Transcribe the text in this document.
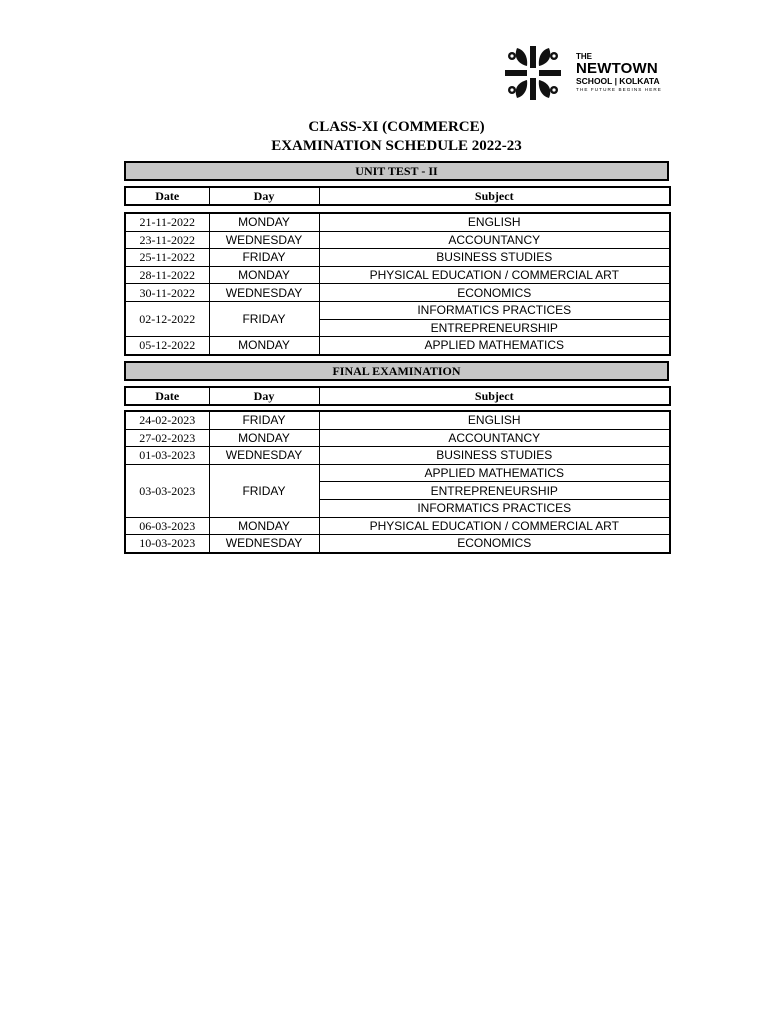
THE
NEWTOWN
SCHOOL | KOLKATA
THE FUTURE BEGINS HERE
CLASS-XI (COMMERCE)
EXAMINATION SCHEDULE 2022-23
UNIT TEST - II
Date	Day	Subject
21-11-2022	MONDAY	ENGLISH
23-11-2022	WEDNESDAY	ACCOUNTANCY
25-11-2022	FRIDAY	BUSINESS STUDIES
28-11-2022	MONDAY	PHYSICAL EDUCATION / COMMERCIAL ART
30-11-2022	WEDNESDAY	ECONOMICS
02-12-2022	FRIDAY	INFORMATICS PRACTICES
		ENTREPRENEURSHIP
05-12-2022	MONDAY	APPLIED MATHEMATICS
FINAL EXAMINATION
Date	Day	Subject
24-02-2023	FRIDAY	ENGLISH
27-02-2023	MONDAY	ACCOUNTANCY
01-03-2023	WEDNESDAY	BUSINESS STUDIES
03-03-2023	FRIDAY	APPLIED MATHEMATICS
		ENTREPRENEURSHIP
		INFORMATICS PRACTICES
06-03-2023	MONDAY	PHYSICAL EDUCATION / COMMERCIAL ART
10-03-2023	WEDNESDAY	ECONOMICS
